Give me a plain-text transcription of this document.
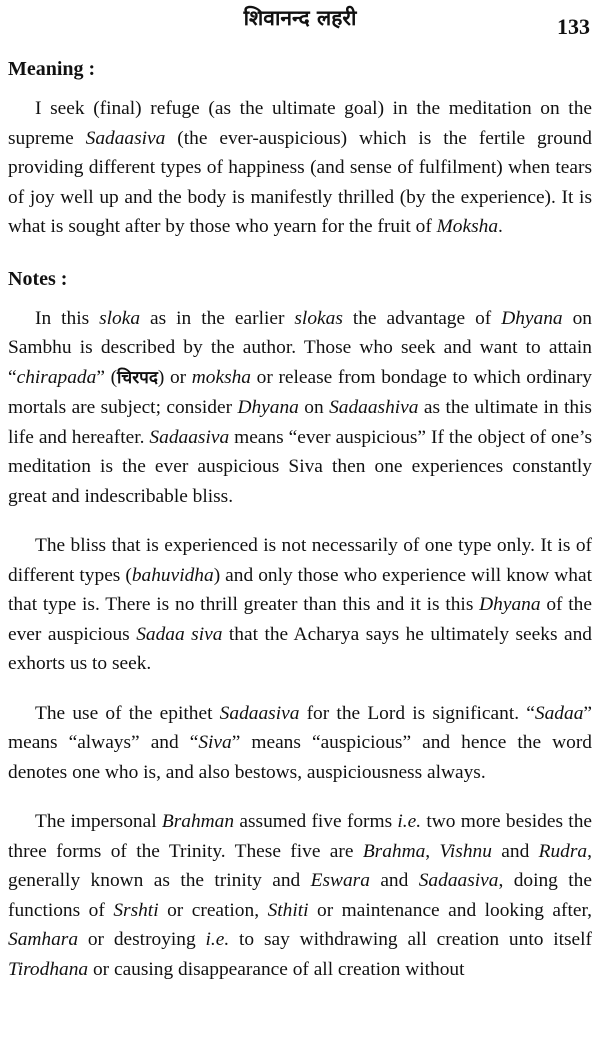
शिवानन्द लहरी	133
Meaning :

I seek (final) refuge (as the ultimate goal) in the meditation on the supreme Sadaasiva (the ever-auspicious) which is the fertile ground providing different types of happiness (and sense of fulfilment) when tears of joy well up and the body is manifestly thrilled (by the experience). It is what is sought after by those who yearn for the fruit of Moksha.

Notes :

In this sloka as in the earlier slokas the advantage of Dhyana on Sambhu is described by the author. Those who seek and want to attain “chirapada” (चिरपद) or moksha or release from bondage to which ordinary mortals are subject; consider Dhyana on Sadaashiva as the ultimate in this life and hereafter. Sadaasiva means “ever auspicious” If the object of one’s meditation is the ever auspicious Siva then one experiences constantly great and indescribable bliss.

The bliss that is experienced is not necessarily of one type only. It is of different types (bahuvidha) and only those who experience will know what that type is. There is no thrill greater than this and it is this Dhyana of the ever auspicious Sadaa siva that the Acharya says he ultimately seeks and exhorts us to seek.

The use of the epithet Sadaasiva for the Lord is significant. “Sadaa” means “always” and “Siva” means “auspicious” and hence the word denotes one who is, and also bestows, auspiciousness always.

The impersonal Brahman assumed five forms i.e. two more besides the three forms of the Trinity. These five are Brahma, Vishnu and Rudra, generally known as the trinity and Eswara and Sadaasiva, doing the functions of Srshti or creation, Sthiti or maintenance and looking after, Samhara or destroying i.e. to say withdrawing all creation unto itself Tirodhana or causing disappearance of all creation without
